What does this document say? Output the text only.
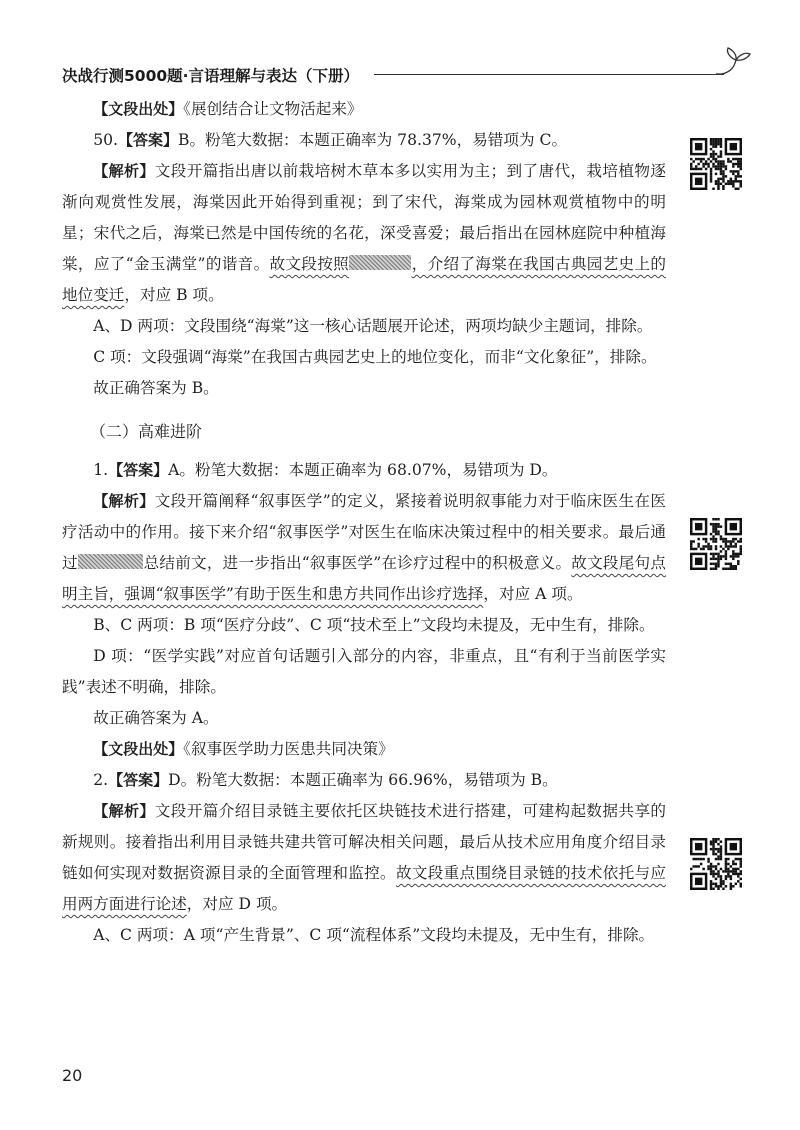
决战行测5000题·言语理解与表达（下册）

【文段出处】《展创结合让文物活起来》

50.【答案】B。粉笔大数据：本题正确率为 78.37%，易错项为 C。

【解析】文段开篇指出唐以前栽培树木草本多以实用为主；到了唐代，栽培植物逐渐向观赏性发展，海棠因此开始得到重视；到了宋代，海棠成为园林观赏植物中的明星；宋代之后，海棠已然是中国传统的名花，深受喜爱；最后指出在园林庭院中种植海棠，应了“金玉满堂”的谐音。故文段按照	，介绍了海棠在我国古典园艺史上的地位变迁，对应 B 项。

A、D 两项：文段围绕“海棠”这一核心话题展开论述，两项均缺少主题词，排除。

C 项：文段强调“海棠”在我国古典园艺史上的地位变化，而非“文化象征”，排除。

故正确答案为 B。

（二）高难进阶

1.【答案】A。粉笔大数据：本题正确率为 68.07%，易错项为 D。

【解析】文段开篇阐释“叙事医学”的定义，紧接着说明叙事能力对于临床医生在医疗活动中的作用。接下来介绍“叙事医学”对医生在临床决策过程中的相关要求。最后通过	总结前文，进一步指出“叙事医学”在诊疗过程中的积极意义。故文段尾句点明主旨，强调“叙事医学”有助于医生和患方共同作出诊疗选择，对应 A 项。

B、C 两项：B 项“医疗分歧”、C 项“技术至上”文段均未提及，无中生有，排除。

D 项：“医学实践”对应首句话题引入部分的内容，非重点，且“有利于当前医学实践”表述不明确，排除。

故正确答案为 A。

【文段出处】《叙事医学助力医患共同决策》

2.【答案】D。粉笔大数据：本题正确率为 66.96%，易错项为 B。

【解析】文段开篇介绍目录链主要依托区块链技术进行搭建，可建构起数据共享的新规则。接着指出利用目录链共建共管可解决相关问题，最后从技术应用角度介绍目录链如何实现对数据资源目录的全面管理和监控。故文段重点围绕目录链的技术依托与应用两方面进行论述，对应 D 项。

A、C 两项：A 项“产生背景”、C 项“流程体系”文段均未提及，无中生有，排除。

20
